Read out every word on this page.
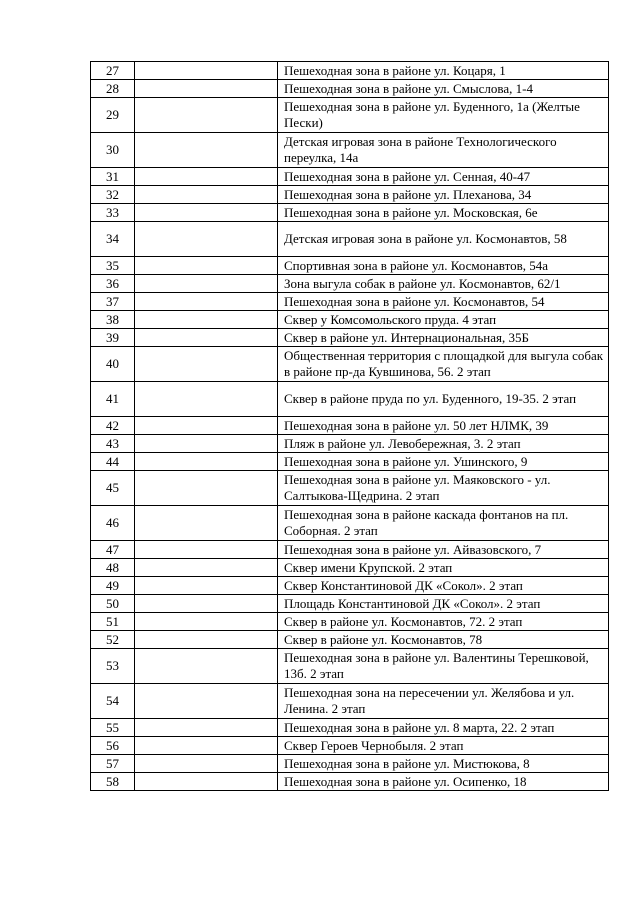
27		Пешеходная зона в районе ул. Коцаря, 1
28		Пешеходная зона в районе ул. Смыслова, 1-4
29		Пешеходная зона в районе ул. Буденного, 1а (Желтые Пески)
30		Детская игровая зона в районе Технологического переулка, 14а
31		Пешеходная зона в районе ул. Сенная, 40-47
32		Пешеходная зона в районе ул. Плеханова, 34
33		Пешеходная зона в районе ул. Московская, 6е
34		Детская игровая зона в районе ул. Космонавтов, 58
35		Спортивная зона в районе ул. Космонавтов, 54а
36		Зона выгула собак в районе ул. Космонавтов, 62/1
37		Пешеходная зона в районе ул. Космонавтов, 54
38		Сквер у Комсомольского пруда. 4 этап
39		Сквер в районе ул. Интернациональная, 35Б
40		Общественная территория с площадкой для выгула собак в районе пр-да Кувшинова, 56. 2 этап
41		Сквер в районе пруда по ул. Буденного, 19-35. 2 этап
42		Пешеходная зона в районе ул. 50 лет НЛМК, 39
43		Пляж в районе ул. Левобережная, 3. 2 этап
44		Пешеходная зона в районе ул. Ушинского, 9
45		Пешеходная зона в районе ул. Маяковского - ул. Салтыкова-Щедрина. 2 этап
46		Пешеходная зона в районе каскада фонтанов на пл. Соборная. 2 этап
47		Пешеходная зона в районе ул. Айвазовского, 7
48		Сквер имени Крупской. 2 этап
49		Сквер Константиновой ДК «Сокол». 2 этап
50		Площадь Константиновой ДК «Сокол». 2 этап
51		Сквер в районе ул. Космонавтов, 72. 2 этап
52		Сквер в районе ул. Космонавтов, 78
53		Пешеходная зона в районе ул. Валентины Терешковой, 13б. 2 этап
54		Пешеходная зона на пересечении ул. Желябова и ул. Ленина. 2 этап
55		Пешеходная зона в районе ул. 8 марта, 22. 2 этап
56		Сквер Героев Чернобыля. 2 этап
57		Пешеходная зона в районе ул. Мистюкова, 8
58		Пешеходная зона в районе ул. Осипенко, 18
